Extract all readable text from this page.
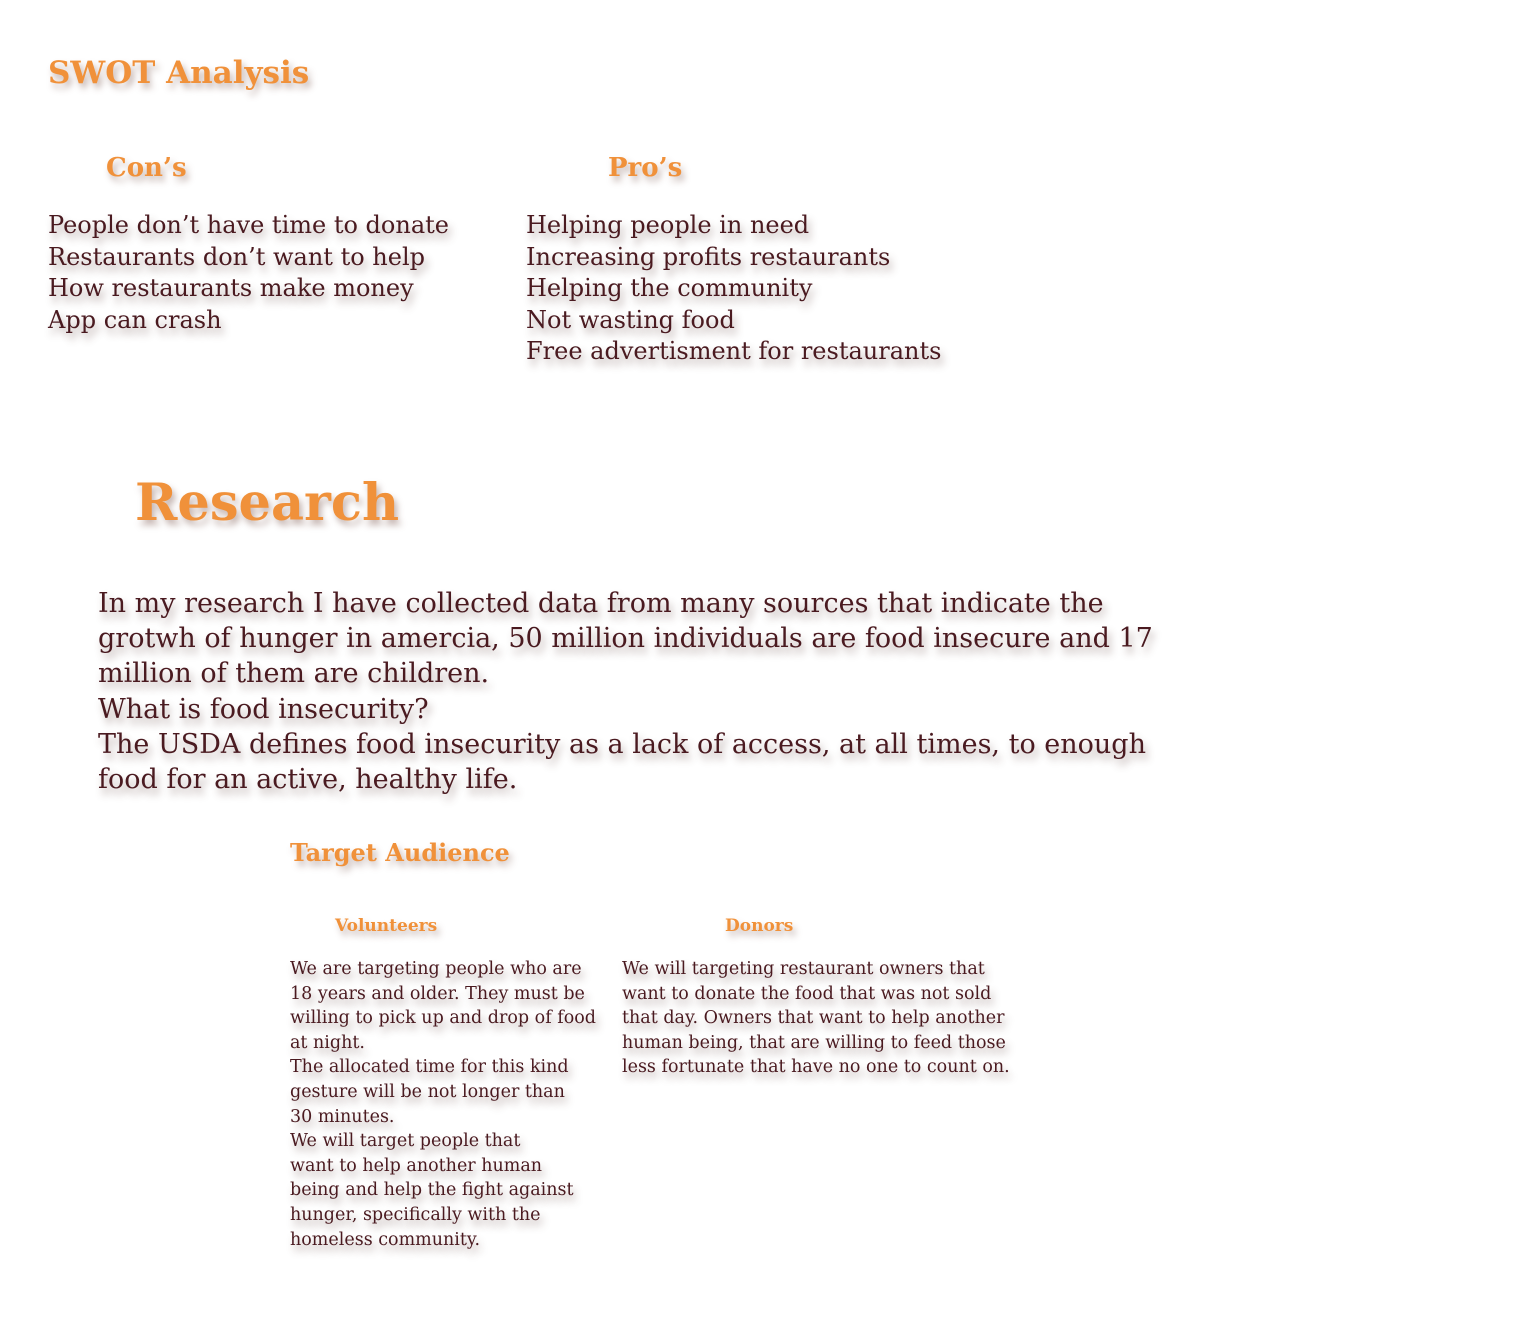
SWOT Analysis
Con’s	Pro’s
People don’t have time to donate
Restaurants don’t want to help
How restaurants make money
App can crash
Helping people in need
Increasing profits restaurants
Helping the community
Not wasting food
Free advertisment for restaurants
Research

In my research I have collected data from many sources that indicate the grotwh of hunger in amercia, 50 million individuals are food insecure and 17 million of them are children.

What is food insecurity?

The USDA defines food insecurity as a lack of access, at all times, to enough food for an active, healthy life.

Target Audience
Volunteers	Donors
We are targeting people who are
18 years and older. They must be
willing to pick up and drop of food
at night.
The allocated time for this kind
gesture will be not longer than
30 minutes.
We will target people that
want to help another human
being and help the fight against
hunger, specifically with the
homeless community.
We will targeting restaurant owners that
want to donate the food that was not sold
that day. Owners that want to help another
human being, that are willing to feed those
less fortunate that have no one to count on.
